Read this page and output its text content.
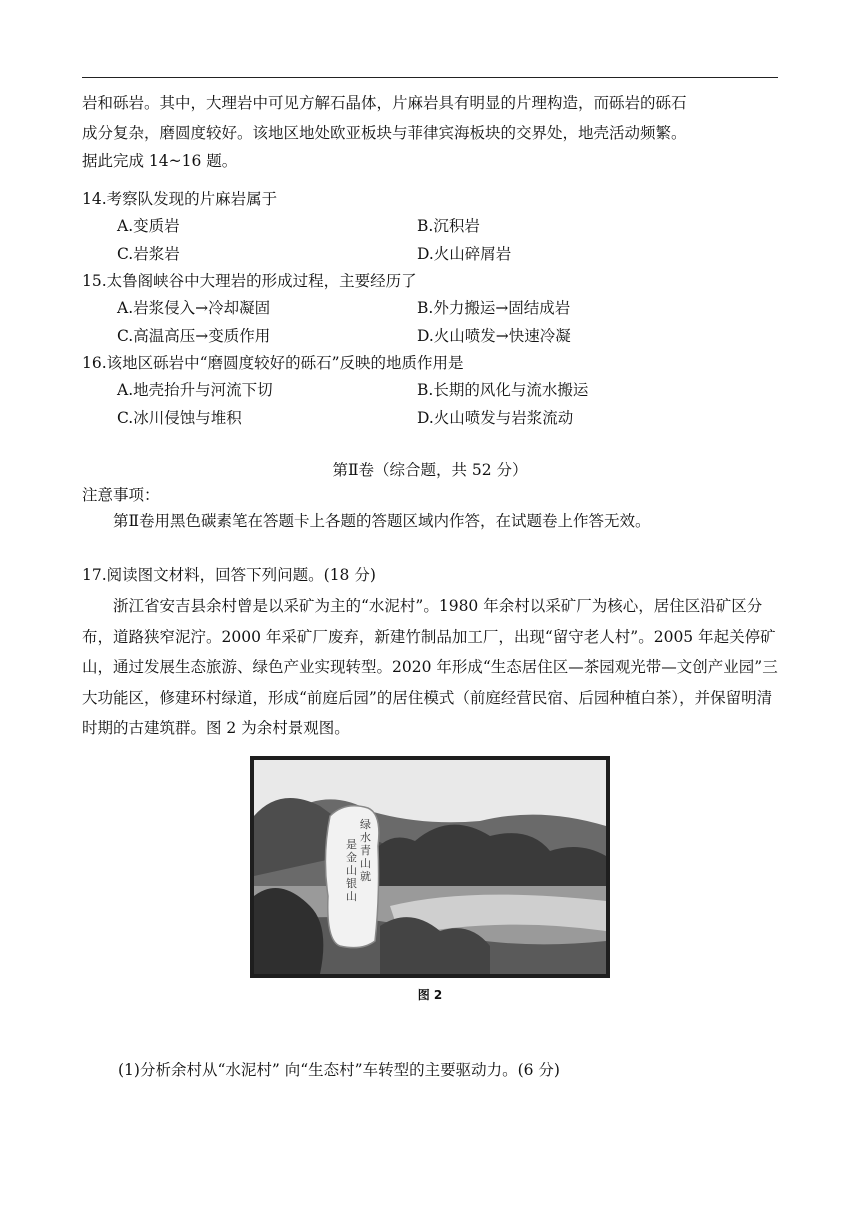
岩和砾岩。其中，大理岩中可见方解石晶体，片麻岩具有明显的片理构造，而砾岩的砾石

成分复杂，磨圆度较好。该地区地处欧亚板块与菲律宾海板块的交界处，地壳活动频繁。

据此完成 14~16 题。

14.考察队发现的片麻岩属于

A.变质岩	B.沉积岩
C.岩浆岩	D.火山碎屑岩

15.太鲁阁峡谷中大理岩的形成过程，主要经历了

A.岩浆侵入→冷却凝固	B.外力搬运→固结成岩
C.高温高压→变质作用	D.火山喷发→快速冷凝

16.该地区砾岩中“磨圆度较好的砾石”反映的地质作用是

A.地壳抬升与河流下切	B.长期的风化与流水搬运
C.冰川侵蚀与堆积	D.火山喷发与岩浆流动
第Ⅱ卷（综合题，共 52 分）

注意事项：

第Ⅱ卷用黑色碳素笔在答题卡上各题的答题区域内作答，在试题卷上作答无效。

17.阅读图文材料，回答下列问题。(18 分)

浙江省安吉县余村曾是以采矿为主的“水泥村”。1980 年余村以采矿厂为核心，居住区沿矿区分布，道路狭窄泥泞。2000 年采矿厂废弃，新建竹制品加工厂，出现“留守老人村”。2005 年起关停矿山，通过发展生态旅游、绿色产业实现转型。2020 年形成“生态居住区—茶园观光带—文创产业园”三大功能区，修建环村绿道，形成“前庭后园”的居住模式（前庭经营民宿、后园种植白茶），并保留明清时期的古建筑群。图 2 为余村景观图。

绿
水
青
山
就
是
金
山
银
山
图 2

(1)分析余村从“水泥村” 向“生态村”车转型的主要驱动力。(6 分)
